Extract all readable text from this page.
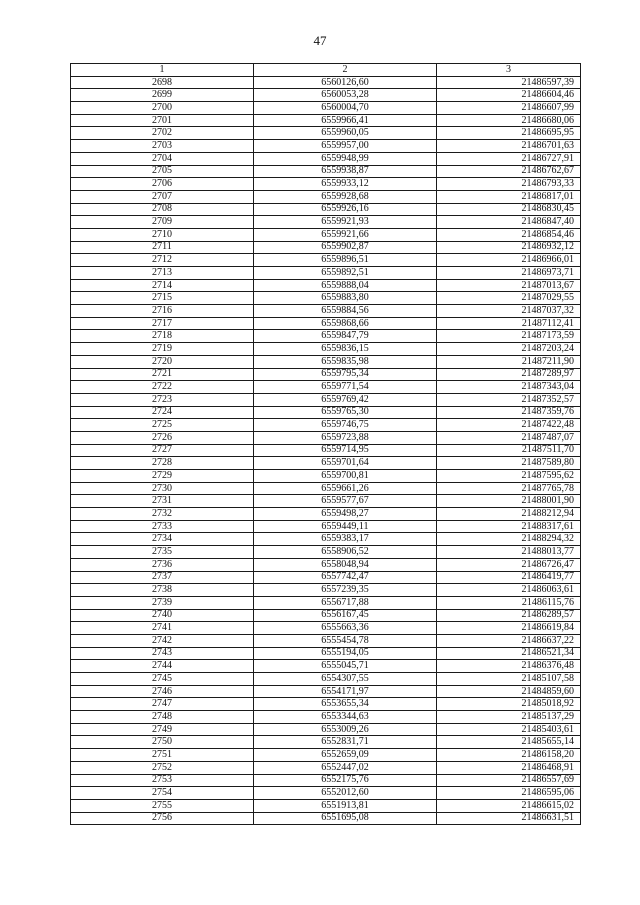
47
1	2	3
2698	6560126,60	21486597,39
2699	6560053,28	21486604,46
2700	6560004,70	21486607,99
2701	6559966,41	21486680,06
2702	6559960,05	21486695,95
2703	6559957,00	21486701,63
2704	6559948,99	21486727,91
2705	6559938,87	21486762,67
2706	6559933,12	21486793,33
2707	6559928,68	21486817,01
2708	6559926,16	21486830,45
2709	6559921,93	21486847,40
2710	6559921,66	21486854,46
2711	6559902,87	21486932,12
2712	6559896,51	21486966,01
2713	6559892,51	21486973,71
2714	6559888,04	21487013,67
2715	6559883,80	21487029,55
2716	6559884,56	21487037,32
2717	6559868,66	21487112,41
2718	6559847,79	21487173,59
2719	6559836,15	21487203,24
2720	6559835,98	21487211,90
2721	6559795,34	21487289,97
2722	6559771,54	21487343,04
2723	6559769,42	21487352,57
2724	6559765,30	21487359,76
2725	6559746,75	21487422,48
2726	6559723,88	21487487,07
2727	6559714,95	21487511,70
2728	6559701,64	21487589,80
2729	6559700,81	21487595,62
2730	6559661,26	21487765,78
2731	6559577,67	21488001,90
2732	6559498,27	21488212,94
2733	6559449,11	21488317,61
2734	6559383,17	21488294,32
2735	6558906,52	21488013,77
2736	6558048,94	21486726,47
2737	6557742,47	21486419,77
2738	6557239,35	21486063,61
2739	6556717,88	21486115,76
2740	6556167,45	21486289,57
2741	6555663,36	21486619,84
2742	6555454,78	21486637,22
2743	6555194,05	21486521,34
2744	6555045,71	21486376,48
2745	6554307,55	21485107,58
2746	6554171,97	21484859,60
2747	6553655,34	21485018,92
2748	6553344,63	21485137,29
2749	6553009,26	21485403,61
2750	6552831,71	21485655,14
2751	6552659,09	21486158,20
2752	6552447,02	21486468,91
2753	6552175,76	21486557,69
2754	6552012,60	21486595,06
2755	6551913,81	21486615,02
2756	6551695,08	21486631,51
